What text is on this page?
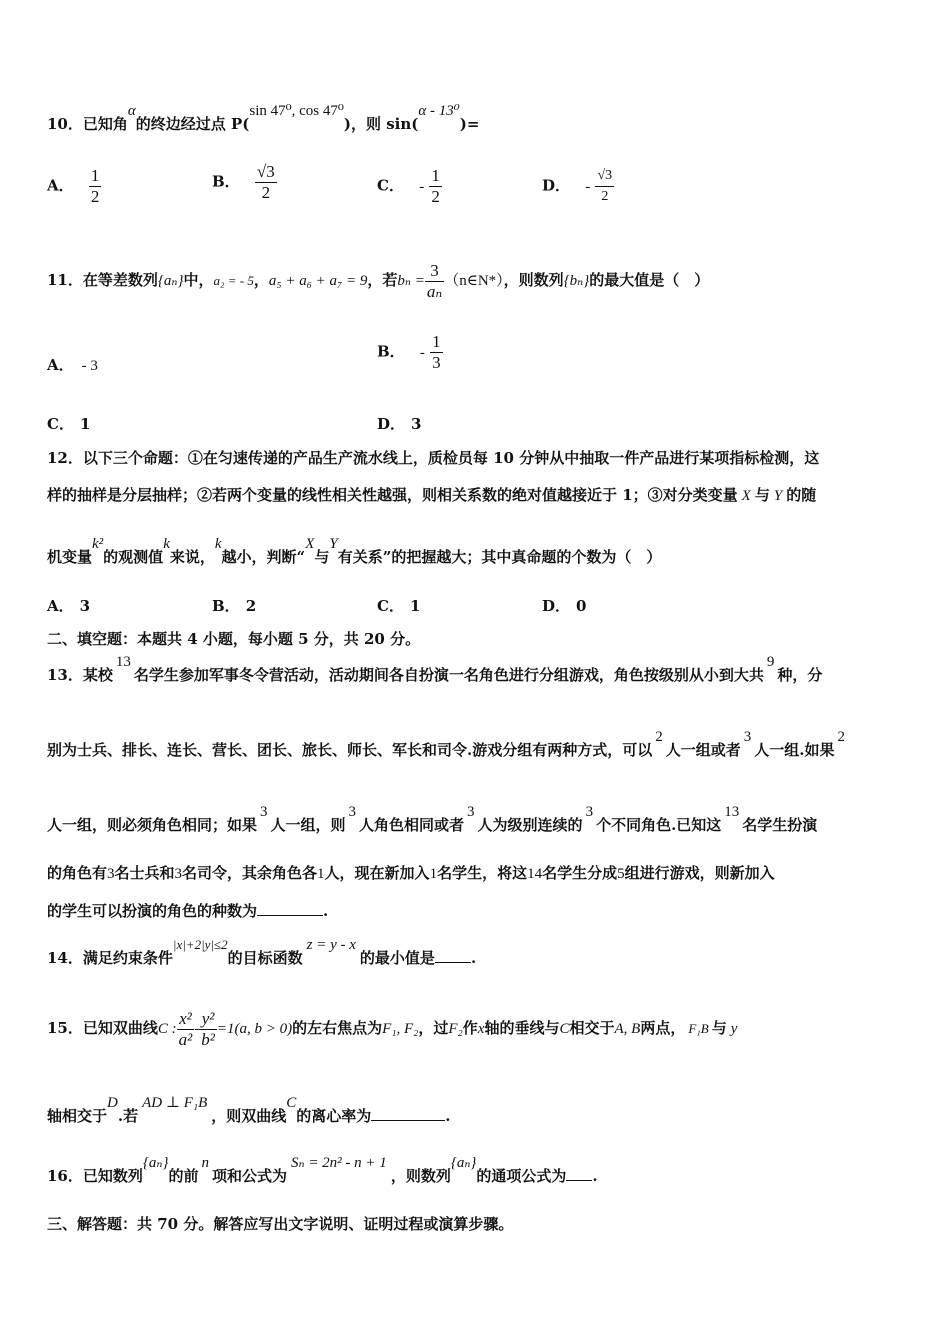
10．已知角α的终边经过点 P(sin 47⁰, cos 47⁰)，则 sin(α - 13⁰)=
A． $\frac{1}{2}$	B． $\frac{√3}{2}$	C． - $\frac{1}{2}$	D． - $\frac{√3}{2}$
11．在等差数列{aₙ}中，a₂ = - 5，a₅ + a₆ + a₇ = 9，若$b_n = \frac{3}{\text{aₙ}}$ （n∈N*），则数列{bₙ}的最大值是（　）
A． - 3
B． - $\frac{1}{3}$
C． 1	D． 3
12．以下三个命题：①在匀速传递的产品生产流水线上，质检员每 10 分钟从中抽取一件产品进行某项指标检测，这
样的抽样是分层抽样；②若两个变量的线性相关性越强，则相关系数的绝对值越接近于 1；③对分类变量 X 与 Y 的随
机变量k²的观测值k来说，k越小，判断“X与Y有关系”的把握越大；其中真命题的个数为（　）
A． 3	B． 2	C． 1	D． 0
二、填空题：本题共 4 小题，每小题 5 分，共 20 分。
13．某校13名学生参加军事冬令营活动，活动期间各自扮演一名角色进行分组游戏，角色按级别从小到大共9种，分
别为士兵、排长、连长、营长、团长、旅长、师长、军长和司令.游戏分组有两种方式，可以2人一组或者3人一组.如果2
人一组，则必须角色相同；如果3人一组，则3人角色相同或者3人为级别连续的3个不同角色.已知这13名学生扮演
的角色有3名士兵和3名司令，其余角色各1人，现在新加入1名学生，将这14名学生分成5组进行游戏，则新加入
的学生可以扮演的角色的种数为	.
14．满足约束条件|x|+2|y|≤2的目标函数z = y - x的最小值是 .
15．已知双曲线C : $\frac{\text{x²}}{\text{a²}} - \frac{\text{y²}}{\text{b²}} =1(a$, b > 0)的左右焦点为F₁, F₂，过F₂作x轴的垂线与C相交于A, B两点， F₁B 与 y
轴相交于D.若AD ⊥ F₁B，则双曲线C的离心率为	.
16．已知数列{aₙ}的前n项和公式为Sₙ = 2n² - n + 1，则数列{aₙ}的通项公式为 .
三、解答题：共 70 分。解答应写出文字说明、证明过程或演算步骤。
